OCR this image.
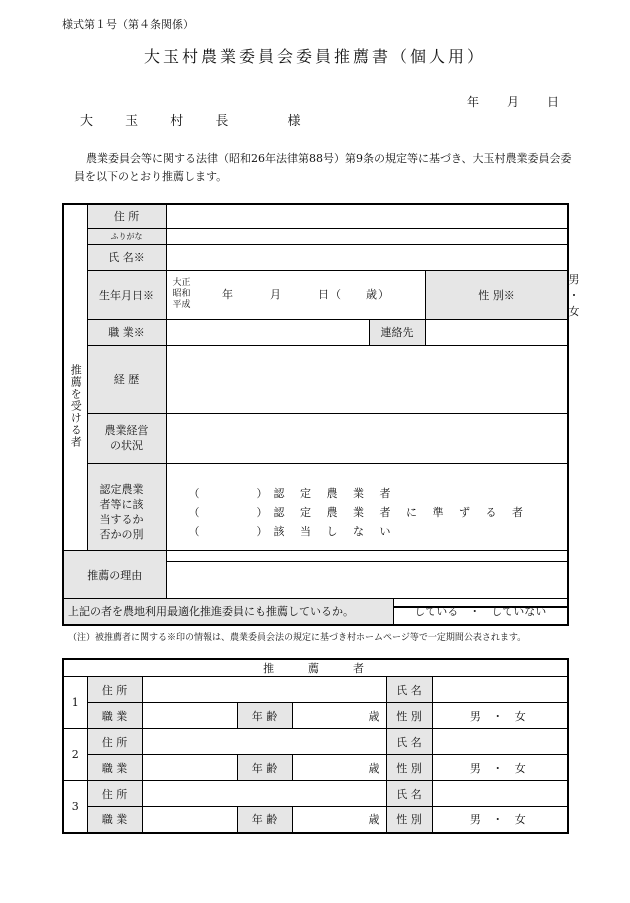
様式第１号（第４条関係）
大玉村農業委員会委員推薦書（個人用）
年 月 日
大 玉 村 長 　様
農業委員会等に関する法律（昭和26年法律第88号）第9条の規定等に基づき、大玉村農業委員会委員を以下のとおり推薦します。
推薦を受ける者	住 所				
	ふりがな				
	氏 名※				
	生年月日※	大正
昭和
平成 年　　　月　　　日（　　歳）		性 別※	男 ・ 女
	職 業※		連絡先		
	経 歴				
	農業経営の状況				
	認定農業者等に該当するか否かの別	（　　　）認 定 農 業 者
（　　　）認 定 農 業 者 に 準 ず る 者
（　　　）該 当 し な い			

推薦の理由		
上記の者を農地利用最適化推進委員にも推薦しているか。		している　・　していない
（注）被推薦者に関する※印の情報は、農業委員会法の規定に基づき村ホームページ等で一定期間公表されます。
推　　薦　　者						
1	住 所				氏 名	
	職 業		年 齢	歳	性 別	男 ・ 女
2	住 所				氏 名	
	職 業		年 齢	歳	性 別	男 ・ 女
3	住 所				氏 名	
	職 業		年 齢	歳	性 別	男 ・ 女
